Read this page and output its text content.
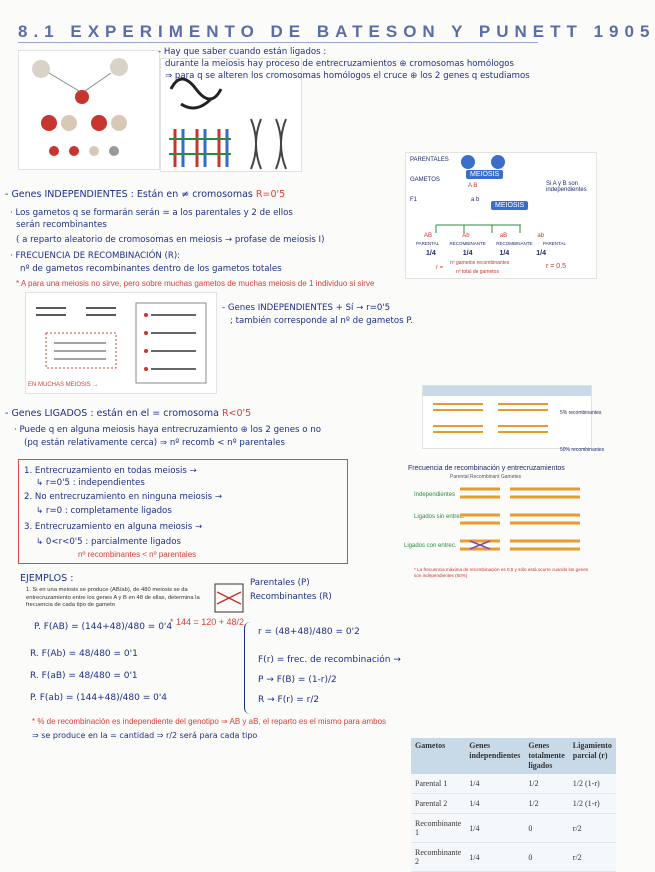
8.1 EXPERIMENTO DE BATESON Y PUNETT 1905
- Hay que saber cuando están ligados :
durante la meiosis hay proceso de entrecruzamientos ⊕ cromosomas homólogos
⇒ para q se alteren los cromosomas homólogos el cruce ⊕ los 2 genes q estudiamos
PARENTALES
GAMETOS
F1
MEIOSIS
A B
a b
MEIOSIS
Si A y B son independientes
AB	Ab	aB	ab
PARENTAL RECOMBINANTE RECOMBINANTE PARENTAL
1/4	1/4	1/4	1/4
r =
nº gametos recombinantes
nº total de gametos
r = 0.5
- Genes INDEPENDIENTES : Están en ≠ cromosomas R=0'5
· Los gametos q se formarán serán = a los parentales y 2 de ellos
serán recombinantes
( a reparto aleatorio de cromosomas en meiosis → profase de meiosis I)
· FRECUENCIA DE RECOMBINACIÓN (R):
nº de gametos recombinantes dentro de los gametos totales
* A para una meiosis no sirve, pero sobre muchas gametos de muchas meiosis de 1 individuo si sirve
EN MUCHAS MEIOSIS →
- Genes INDEPENDIENTES + Sí → r=0'5
; también corresponde al nº de gametos P.
5% recombinantes
50% recombinantes
- Genes LIGADOS : están en el = cromosoma R<0'5
· Puede q en alguna meiosis haya entrecruzamiento ⊕ los 2 genes o no
(pq están relativamente cerca) ⇒ nº recomb < nº parentales
1. Entrecruzamiento en todas meiosis →
↳ r=0'5 : independientes
2. No entrecruzamiento en ninguna meiosis →
↳ r=0 : completamente ligados
3. Entrecruzamiento en alguna meiosis →
↳ 0<r<0'5 : parcialmente ligados
nº recombinantes < nº parentales
Frecuencia de recombinación y entrecruzamientos
Parental Recombinant Gametes
Independientes
Ligados sin entrec.
Ligados con entrec.
* La frecuencia máxima de recombinación es 0,5 y sólo está ocurre cuando los genes son independientes (50%)
EJEMPLOS :
1. Si en una meiosis se produce (AB/ab), de 480 meiosis se da entrecruzamiento entre los genes A y B en 48 de ellas, determina la frecuencia de cada tipo de gameto
Parentales (P)
Recombinantes (R)
P. F(AB) = (144+48)/480 = 0'4
* 144 = 120 + 48/2
R. F(Ab) = 48/480 = 0'1
R. F(aB) = 48/480 = 0'1
P. F(ab) = (144+48)/480 = 0'4
r = (48+48)/480 = 0'2
F(r) = frec. de recombinación →
P → F(B) = (1-r)/2
R → F(r) = r/2
* % de recombinación es independiente del genotipo ⇒ AB y aB, el reparto es el mismo para ambos
⇒ se produce en la = cantidad ⇒ r/2 será para cada tipo
Gametos	Genes independientes	Genes totalmente ligados	Ligamiento parcial (r)
Parental 1	1/4	1/2	1/2 (1-r)
Parental 2	1/4	1/2	1/2 (1-r)
Recombinante 1	1/4	0	r/2
Recombinante 2	1/4	0	r/2
